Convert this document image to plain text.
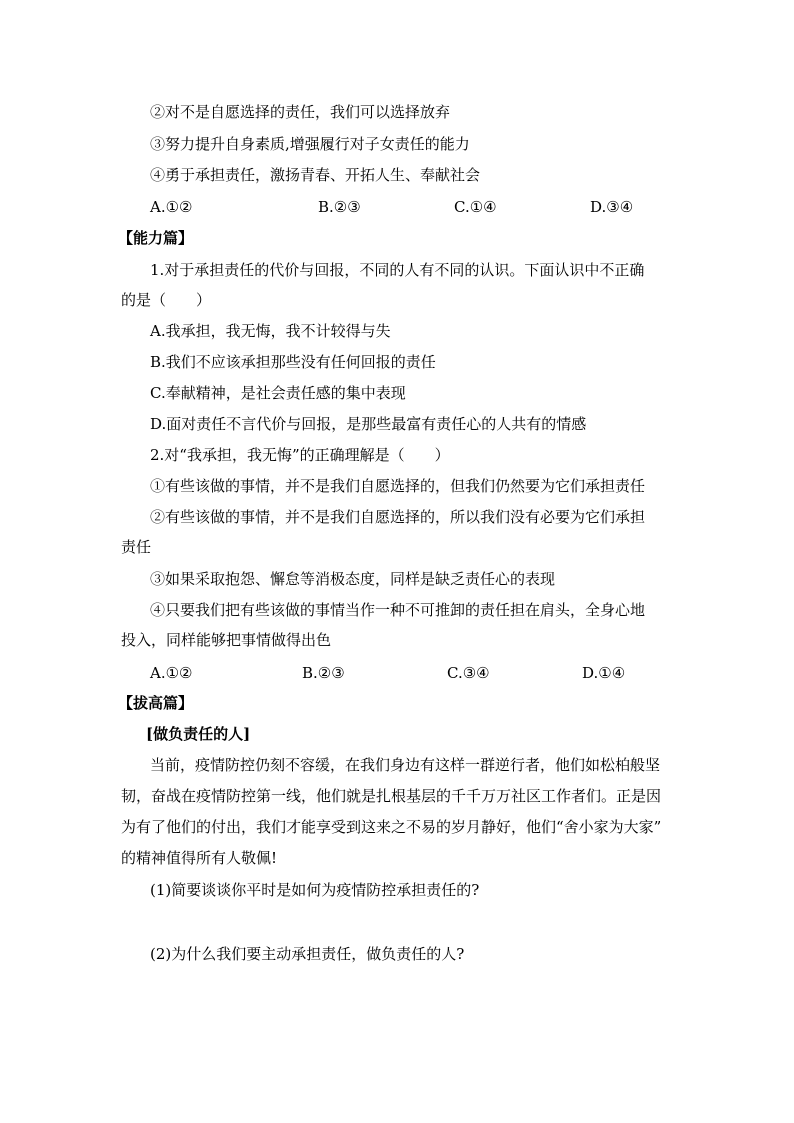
②对不是自愿选择的责任，我们可以选择放弃
③努力提升自身素质,增强履行对子女责任的能力
④勇于承担责任，激扬青春、开拓人生、奉献社会
A.①②	B.②③	C.①④	D.③④
【能力篇】
1.对于承担责任的代价与回报，不同的人有不同的认识。下面认识中不正确
的是（　　）
A.我承担，我无悔，我不计较得与失
B.我们不应该承担那些没有任何回报的责任
C.奉献精神，是社会责任感的集中表现
D.面对责任不言代价与回报，是那些最富有责任心的人共有的情感
2.对“我承担，我无悔”的正确理解是（　　）
①有些该做的事情，并不是我们自愿选择的，但我们仍然要为它们承担责任
②有些该做的事情，并不是我们自愿选择的，所以我们没有必要为它们承担
责任
③如果采取抱怨、懈怠等消极态度，同样是缺乏责任心的表现
④只要我们把有些该做的事情当作一种不可推卸的责任担在肩头，全身心地
投入，同样能够把事情做得出色
A.①②	B.②③	C.③④	D.①④
【拔高篇】
[做负责任的人]
当前，疫情防控仍刻不容缓，在我们身边有这样一群逆行者，他们如松柏般坚
韧，奋战在疫情防控第一线，他们就是扎根基层的千千万万社区工作者们。正是因
为有了他们的付出，我们才能享受到这来之不易的岁月静好，他们“舍小家为大家”
的精神值得所有人敬佩!
(1)简要谈谈你平时是如何为疫情防控承担责任的?
(2)为什么我们要主动承担责任，做负责任的人?
